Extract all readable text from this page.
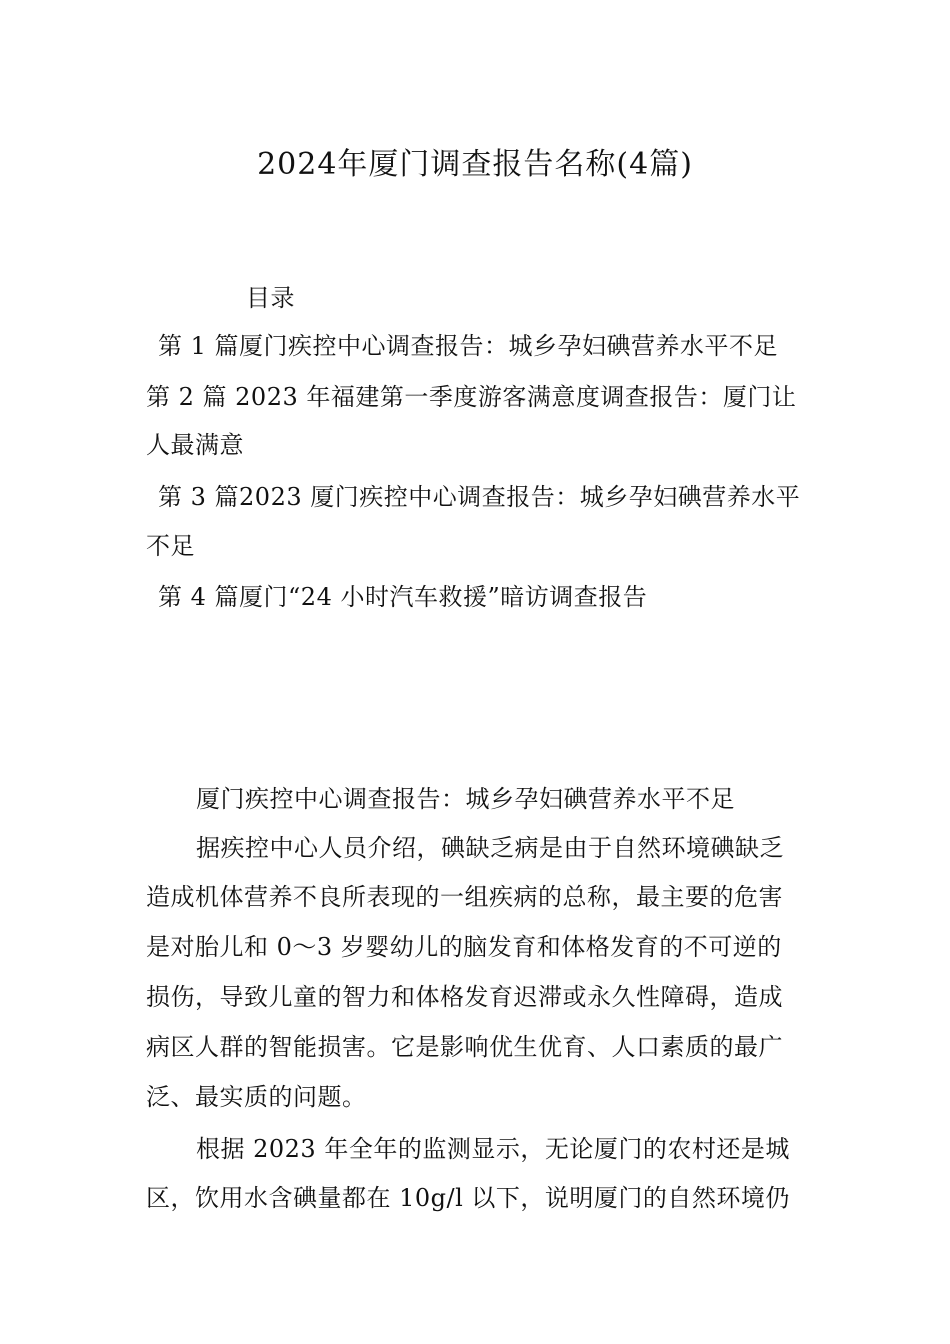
2024年厦门调查报告名称(4篇)
目录
第 1 篇厦门疾控中心调查报告：城乡孕妇碘营养水平不足
第 2 篇 2023 年福建第一季度游客满意度调查报告：厦门让
人最满意
第 3 篇2023 厦门疾控中心调查报告：城乡孕妇碘营养水平
不足
第 4 篇厦门“24 小时汽车救援”暗访调查报告
厦门疾控中心调查报告：城乡孕妇碘营养水平不足
据疾控中心人员介绍，碘缺乏病是由于自然环境碘缺乏
造成机体营养不良所表现的一组疾病的总称，最主要的危害
是对胎儿和 0～3 岁婴幼儿的脑发育和体格发育的不可逆的
损伤，导致儿童的智力和体格发育迟滞或永久性障碍，造成
病区人群的智能损害。它是影响优生优育、人口素质的最广
泛、最实质的问题。
根据 2023 年全年的监测显示，无论厦门的农村还是城
区，饮用水含碘量都在 10g/l 以下，说明厦门的自然环境仍
